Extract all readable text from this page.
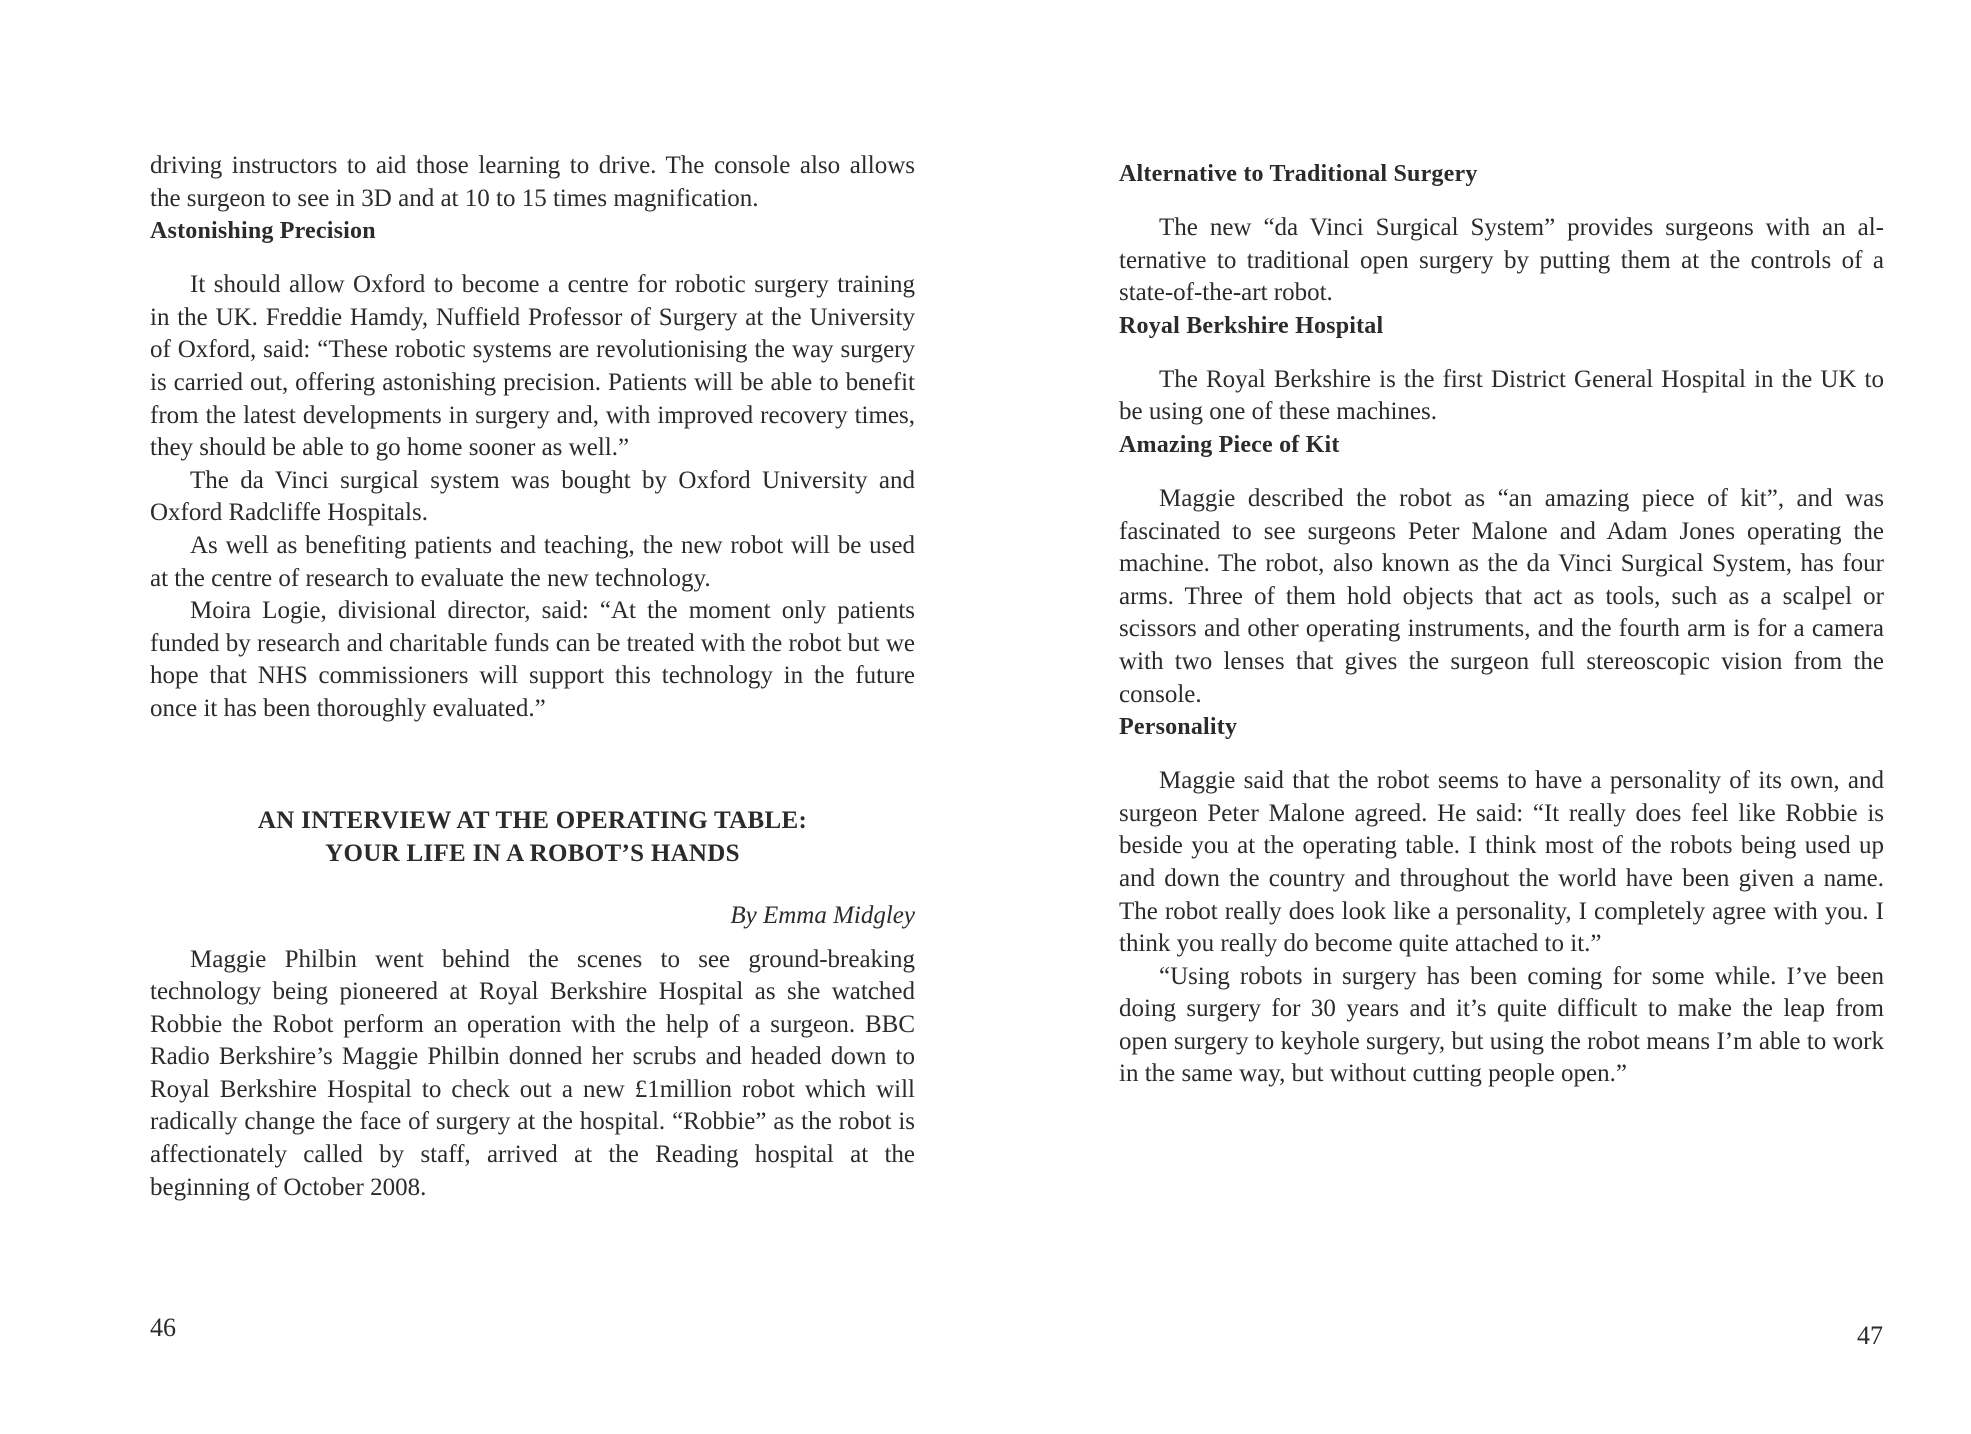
driving instructors to aid those learning to drive. The console also allows the surgeon to see in 3D and at 10 to 15 times magnification.

Astonishing Precision

It should allow Oxford to become a centre for robotic surgery training in the UK. Freddie Hamdy, Nuffield Professor of Surgery at the University of Oxford, said: “These robotic systems are revolutionising the way surgery is carried out, offering astonishing precision. Patients will be able to benefit from the latest developments in surgery and, with improved recovery times, they should be able to go home sooner as well.”

The da Vinci surgical system was bought by Oxford University and Oxford Radcliffe Hospitals.

As well as benefiting patients and teaching, the new robot will be used at the centre of research to evaluate the new technology.

Moira Logie, divisional director, said: “At the moment only patients funded by research and charitable funds can be treated with the robot but we hope that NHS commissioners will support this technology in the future once it has been thoroughly evaluated.”

AN INTERVIEW AT THE OPERATING TABLE:
YOUR LIFE IN A ROBOT’S HANDS
By Emma Midgley

Maggie Philbin went behind the scenes to see ground-breaking technology being pioneered at Royal Berkshire Hospital as she watched Robbie the Robot perform an operation with the help of a surgeon. BBC Radio Berkshire’s Maggie Philbin donned her scrubs and headed down to Royal Berkshire Hospital to check out a new £1million robot which will radically change the face of surgery at the hospital. “Robbie” as the robot is affectionately called by staff, arrived at the Reading hospital at the beginning of October 2008.

46
Alternative to Traditional Surgery

The new “da Vinci Surgical System” provides surgeons with an alternative to traditional open surgery by putting them at the controls of a state-of-the-art robot.

Royal Berkshire Hospital

The Royal Berkshire is the first District General Hospital in the UK to be using one of these machines.

Amazing Piece of Kit

Maggie described the robot as “an amazing piece of kit”, and was fascinated to see surgeons Peter Malone and Adam Jones operating the machine. The robot, also known as the da Vinci Surgical System, has four arms. Three of them hold objects that act as tools, such as a scalpel or scissors and other operating instruments, and the fourth arm is for a camera with two lenses that gives the surgeon full stereoscopic vision from the console.

Personality

Maggie said that the robot seems to have a personality of its own, and surgeon Peter Malone agreed. He said: “It really does feel like Robbie is beside you at the operating table. I think most of the robots being used up and down the country and throughout the world have been given a name. The robot really does look like a personality, I completely agree with you. I think you really do become quite attached to it.”

“Using robots in surgery has been coming for some while. I’ve been doing surgery for 30 years and it’s quite difficult to make the leap from open surgery to keyhole surgery, but using the robot means I’m able to work in the same way, but without cutting people open.”

47
